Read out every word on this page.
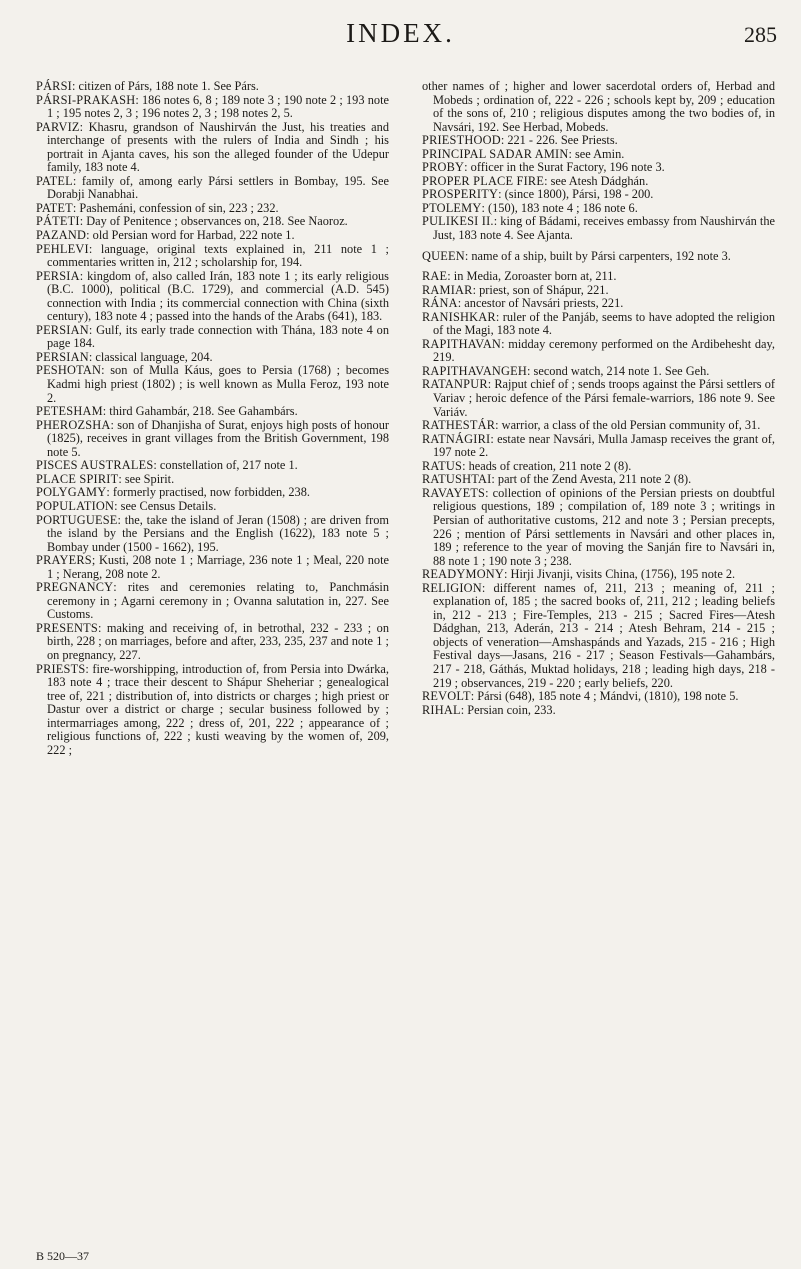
INDEX.	285

PÁRSI: citizen of Párs, 188 note 1. See Párs.

PÁRSI-PRAKASH: 186 notes 6, 8 ; 189 note 3 ; 190 note 2 ; 193 note 1 ; 195 notes 2, 3 ; 196 notes 2, 3 ; 198 notes 2, 5.

PARVIZ: Khasru, grandson of Naushirván the Just, his treaties and interchange of presents with the rulers of India and Sindh ; his portrait in Ajanta caves, his son the alleged founder of the Udepur family, 183 note 4.

PATEL: family of, among early Pársi settlers in Bombay, 195. See Dorabji Nanabhai.

PATET: Pashemáni, confession of sin, 223 ; 232.

PÁTETI: Day of Penitence ; observances on, 218. See Naoroz.

PAZAND: old Persian word for Harbad, 222 note 1.

PEHLEVI: language, original texts explained in, 211 note 1 ; commentaries written in, 212 ; scholarship for, 194.

PERSIA: kingdom of, also called Irán, 183 note 1 ; its early religious (B.C. 1000), political (B.C. 1729), and commercial (A.D. 545) connection with India ; its commercial connection with China (sixth century), 183 note 4 ; passed into the hands of the Arabs (641), 183.

PERSIAN: Gulf, its early trade connection with Thána, 183 note 4 on page 184.

PERSIAN: classical language, 204.

PESHOTAN: son of Mulla Káus, goes to Persia (1768) ; becomes Kadmi high priest (1802) ; is well known as Mulla Feroz, 193 note 2.

PETESHAM: third Gahambár, 218. See Gahambárs.

PHEROZSHA: son of Dhanjisha of Surat, enjoys high posts of honour (1825), receives in grant villages from the British Government, 198 note 5.

PISCES AUSTRALES: constellation of, 217 note 1.

PLACE SPIRIT: see Spirit.

POLYGAMY: formerly practised, now forbidden, 238.

POPULATION: see Census Details.

PORTUGUESE: the, take the island of Jeran (1508) ; are driven from the island by the Persians and the English (1622), 183 note 5 ; Bombay under (1500 - 1662), 195.

PRAYERS; Kusti, 208 note 1 ; Marriage, 236 note 1 ; Meal, 220 note 1 ; Nerang, 208 note 2.

PREGNANCY: rites and ceremonies relating to, Panchmásin ceremony in ; Agarni ceremony in ; Ovanna salutation in, 227. See Customs.

PRESENTS: making and receiving of, in betrothal, 232 - 233 ; on birth, 228 ; on marriages, before and after, 233, 235, 237 and note 1 ; on pregnancy, 227.

PRIESTS: fire-worshipping, introduction of, from Persia into Dwárka, 183 note 4 ; trace their descent to Shápur Sheheriar ; genealogical tree of, 221 ; distribution of, into districts or charges ; high priest or Dastur over a district or charge ; secular business followed by ; intermarriages among, 222 ; dress of, 201, 222 ; appearance of ; religious functions of, 222 ; kusti weaving by the women of, 209, 222 ;

other names of ; higher and lower sacerdotal orders of, Herbad and Mobeds ; ordination of, 222 - 226 ; schools kept by, 209 ; education of the sons of, 210 ; religious disputes among the two bodies of, in Navsári, 192. See Herbad, Mobeds.

PRIESTHOOD: 221 - 226. See Priests.

PRINCIPAL SADAR AMIN: see Amin.

PROBY: officer in the Surat Factory, 196 note 3.

PROPER PLACE FIRE: see Atesh Dádghán.

PROSPERITY: (since 1800), Pársi, 198 - 200.

PTOLEMY: (150), 183 note 4 ; 186 note 6.

PULIKESI II.: king of Bádami, receives embassy from Naushirván the Just, 183 note 4. See Ajanta.

QUEEN: name of a ship, built by Pársi carpenters, 192 note 3.

RAE: in Media, Zoroaster born at, 211.

RAMIAR: priest, son of Shápur, 221.

RÁNA: ancestor of Navsári priests, 221.

RANISHKAR: ruler of the Panjáb, seems to have adopted the religion of the Magi, 183 note 4.

RAPITHAVAN: midday ceremony performed on the Ardibehesht day, 219.

RAPITHAVANGEH: second watch, 214 note 1. See Geh.

RATANPUR: Rajput chief of ; sends troops against the Pársi settlers of Variav ; heroic defence of the Pársi female-warriors, 186 note 9. See Variáv.

RATHESTÁR: warrior, a class of the old Persian community of, 31.

RATNÁGIRI: estate near Navsári, Mulla Jamasp receives the grant of, 197 note 2.

RATUS: heads of creation, 211 note 2 (8).

RATUSHTAI: part of the Zend Avesta, 211 note 2 (8).

RAVAYETS: collection of opinions of the Persian priests on doubtful religious questions, 189 ; compilation of, 189 note 3 ; writings in Persian of authoritative customs, 212 and note 3 ; Persian precepts, 226 ; mention of Pársi settlements in Navsári and other places in, 189 ; reference to the year of moving the Sanján fire to Navsári in, 88 note 1 ; 190 note 3 ; 238.

READYMONY: Hirji Jivanji, visits China, (1756), 195 note 2.

RELIGION: different names of, 211, 213 ; meaning of, 211 ; explanation of, 185 ; the sacred books of, 211, 212 ; leading beliefs in, 212 - 213 ; Fire-Temples, 213 - 215 ; Sacred Fires—Atesh Dádghan, 213, Aderán, 213 - 214 ; Atesh Behram, 214 - 215 ; objects of veneration—Amshaspánds and Yazads, 215 - 216 ; High Festival days—Jasans, 216 - 217 ; Season Festivals—Gahambárs, 217 - 218, Gáthás, Muktad holidays, 218 ; leading high days, 218 - 219 ; observances, 219 - 220 ; early beliefs, 220.

REVOLT: Pársi (648), 185 note 4 ; Mándvi, (1810), 198 note 5.

RIHAL: Persian coin, 233.

B 520—37
